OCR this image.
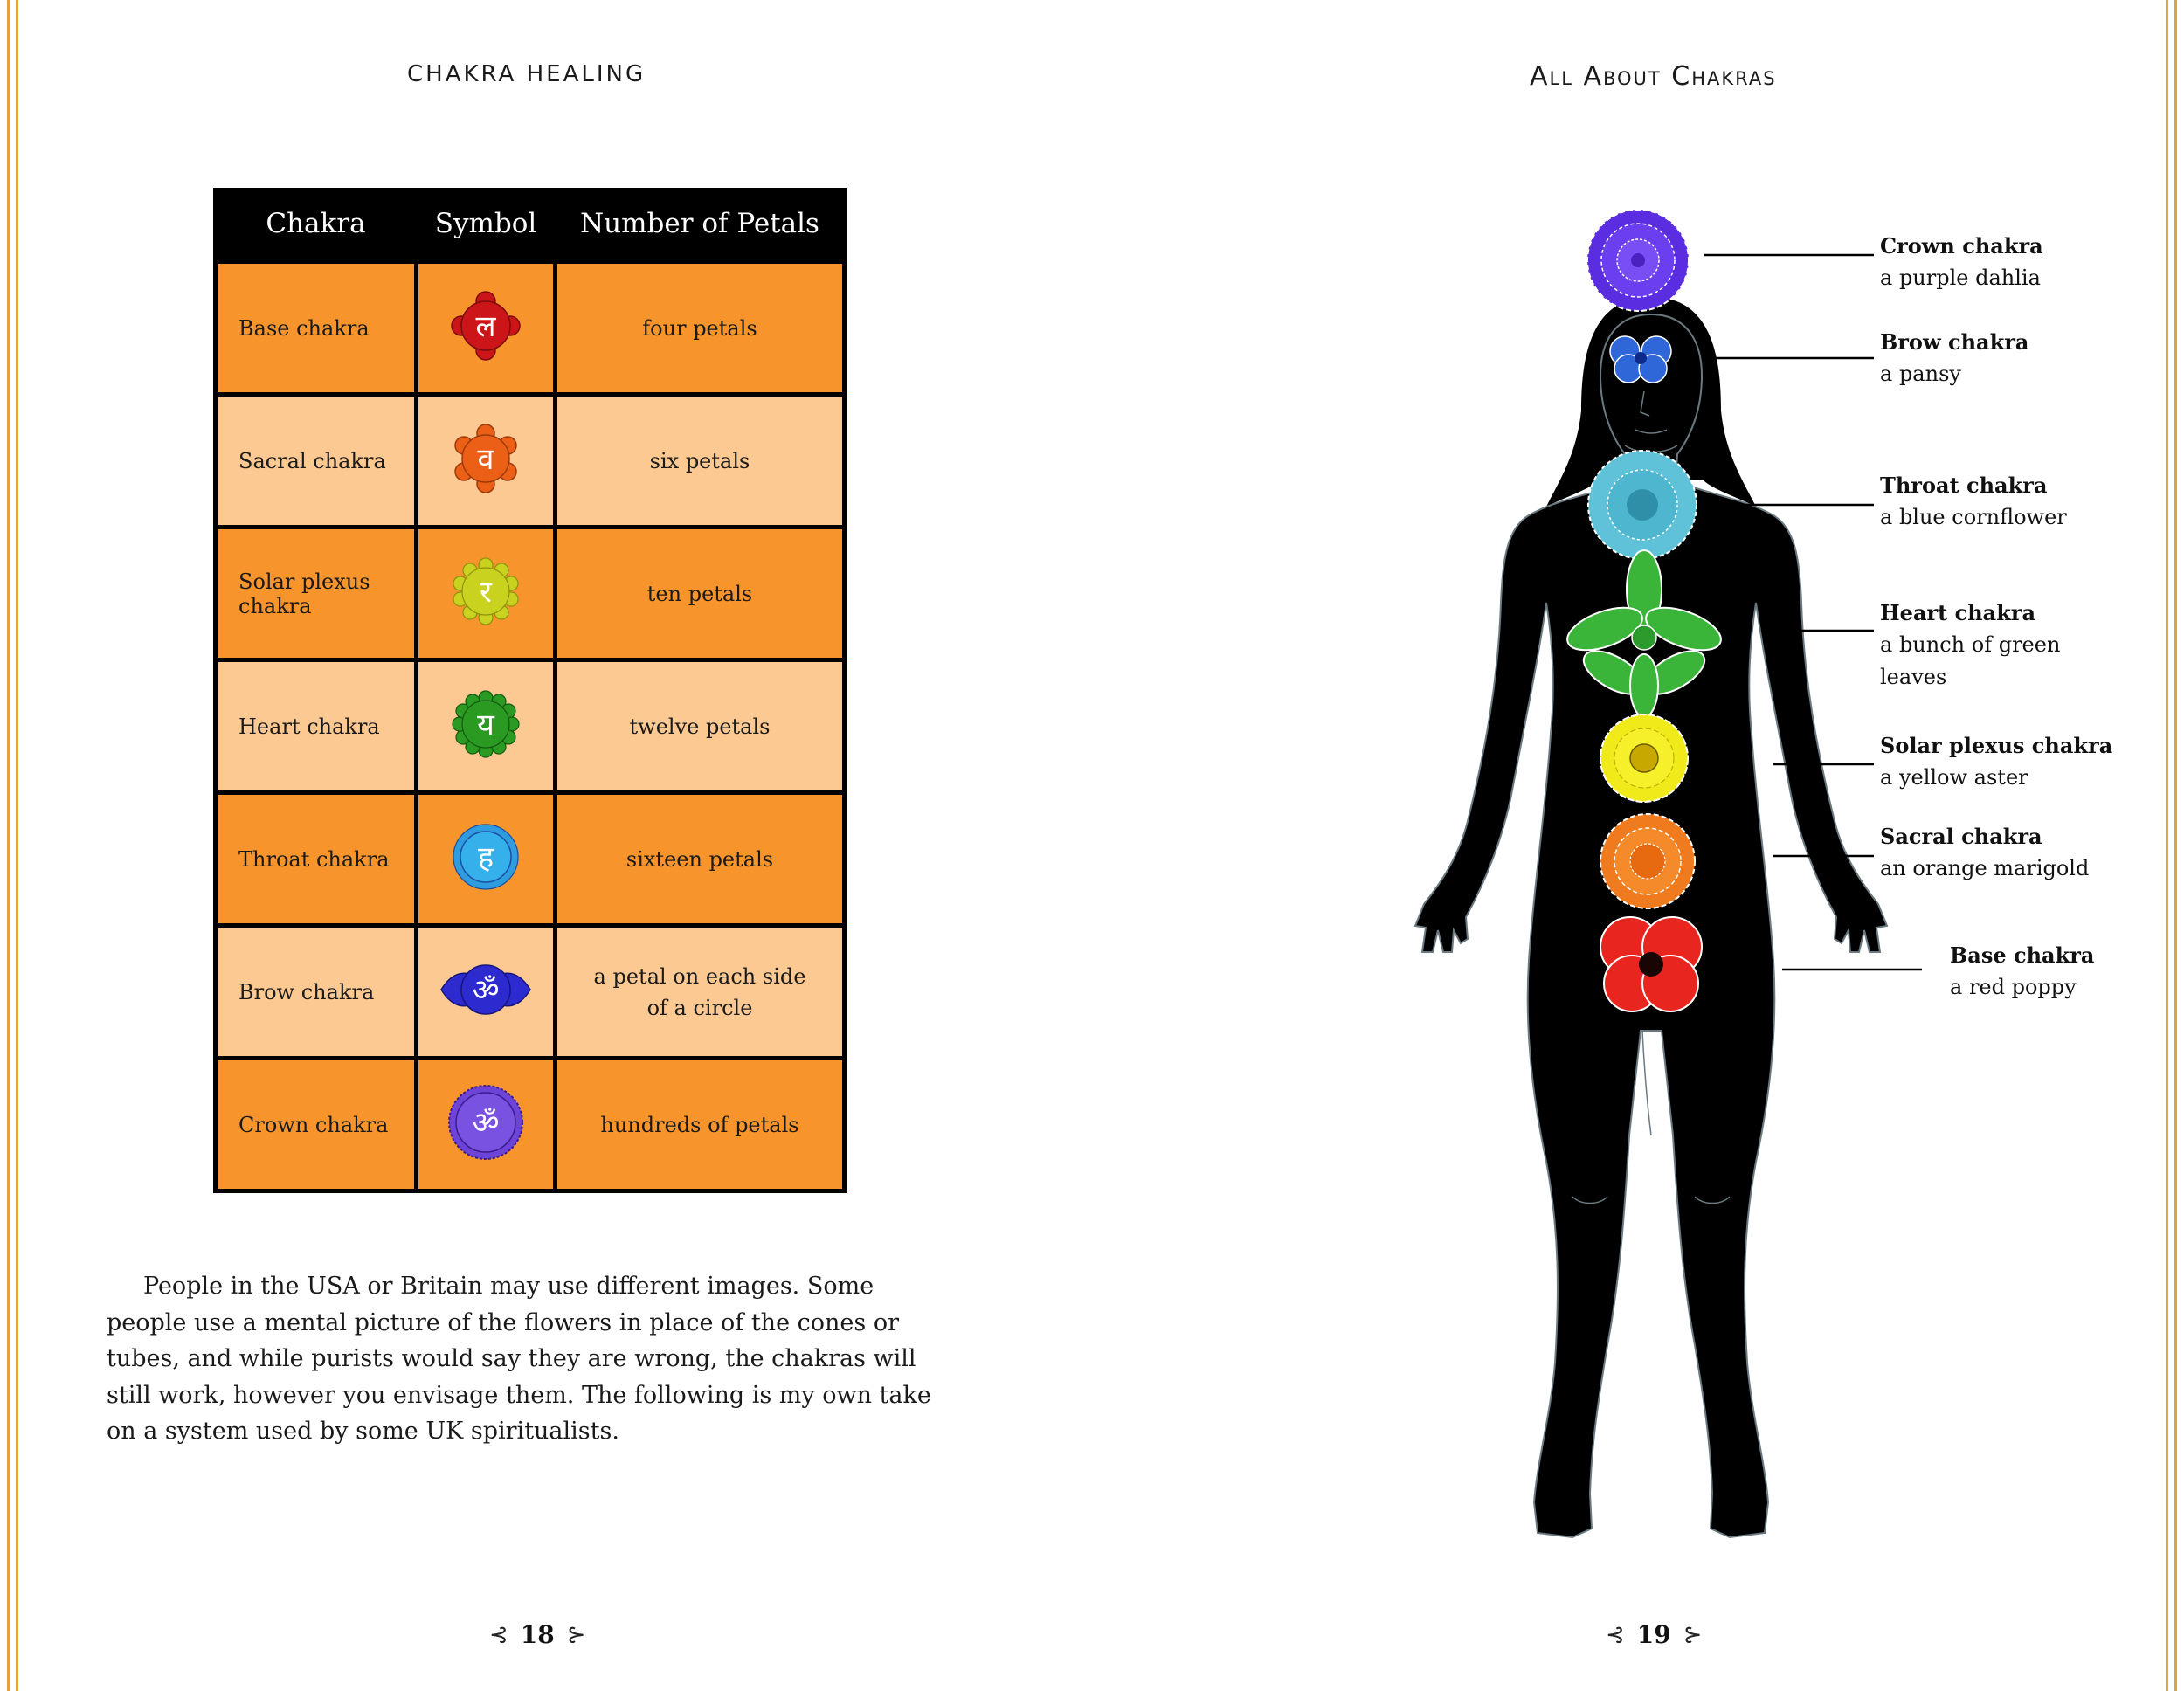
CHAKRA HEALING	All About Chakras
Chakra	Symbol	Number of Petals
Base chakra	ल	four petals
Sacral chakra	व	six petals
Solar plexus chakra	र	ten petals
Heart chakra	य	twelve petals
Throat chakra	ह	sixteen petals
Brow chakra	ॐ	a petal on each side of a circle
Crown chakra	ॐ	hundreds of petals

People in the USA or Britain may use different images. Some people use a mental picture of the flowers in place of the cones or tubes, and while purists would say they are wrong, the chakras will still work, however you envisage them. The following is my own take on a system used by some UK spiritualists.

⊰ 18 ⊱	⊰ 19 ⊱
Crown chakra
a purple dahlia
Brow chakra
a pansy
Throat chakra
a blue cornflower
Heart chakra
a bunch of green leaves
Solar plexus chakra
a yellow aster
Sacral chakra
an orange marigold
Base chakra
a red poppy
